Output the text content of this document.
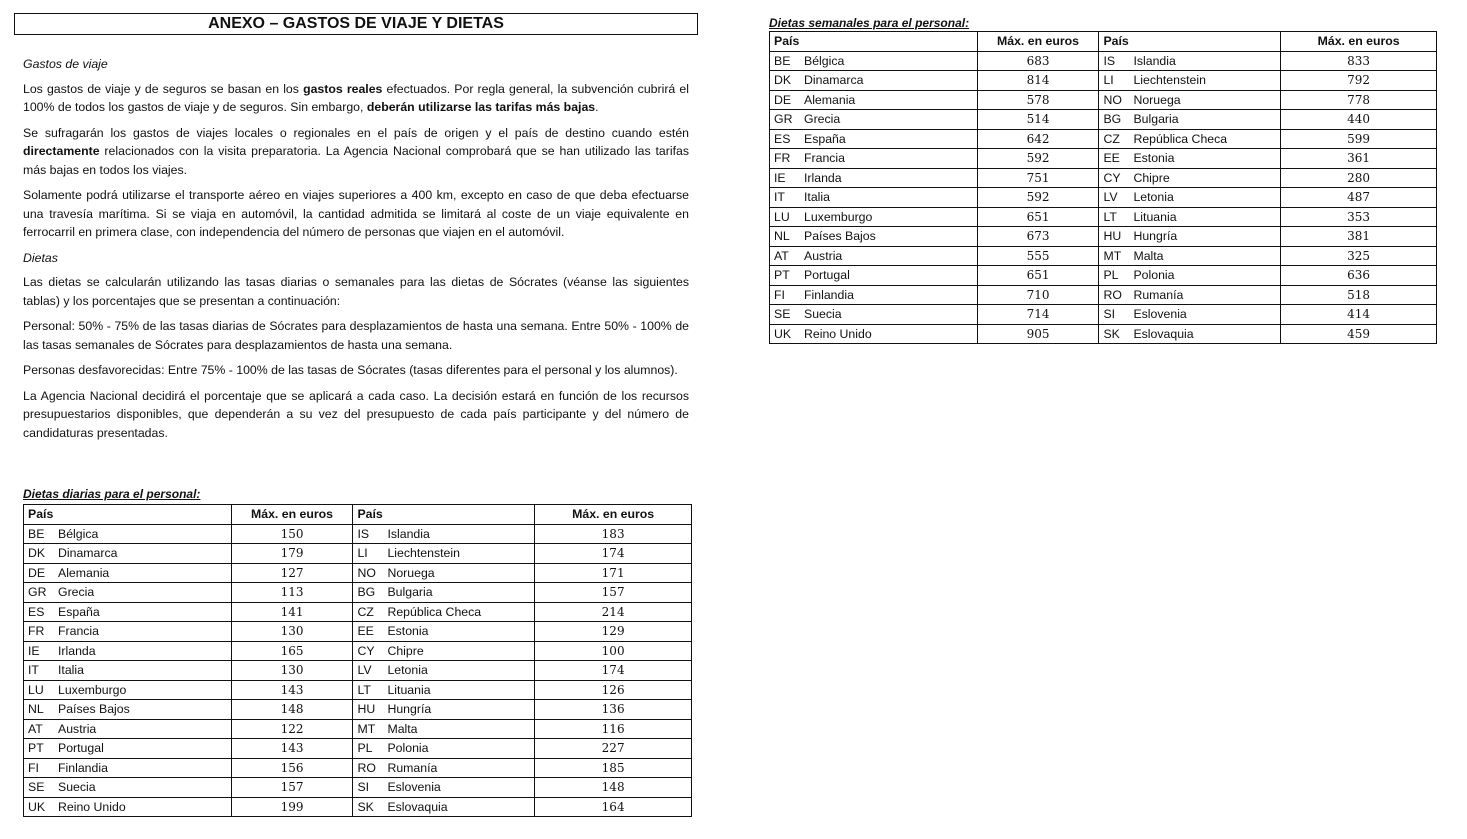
ANEXO – GASTOS DE VIAJE Y DIETAS

Gastos de viaje

Los gastos de viaje y de seguros se basan en los gastos reales efectuados. Por regla general, la subvención cubrirá el 100% de todos los gastos de viaje y de seguros. Sin embargo, deberán utilizarse las tarifas más bajas.

Se sufragarán los gastos de viajes locales o regionales en el país de origen y el país de destino cuando estén directamente relacionados con la visita preparatoria. La Agencia Nacional comprobará que se han utilizado las tarifas más bajas en todos los viajes.

Solamente podrá utilizarse el transporte aéreo en viajes superiores a 400 km, excepto en caso de que deba efectuarse una travesía marítima. Si se viaja en automóvil, la cantidad admitida se limitará al coste de un viaje equivalente en ferrocarril en primera clase, con independencia del número de personas que viajen en el automóvil.

Dietas

Las dietas se calcularán utilizando las tasas diarias o semanales para las dietas de Sócrates (véanse las siguientes tablas) y los porcentajes que se presentan a continuación:

Personal: 50% - 75% de las tasas diarias de Sócrates para desplazamientos de hasta una semana. Entre 50% - 100% de las tasas semanales de Sócrates para desplazamientos de hasta una semana.

Personas desfavorecidas: Entre 75% - 100% de las tasas de Sócrates (tasas diferentes para el personal y los alumnos).

La Agencia Nacional decidirá el porcentaje que se aplicará a cada caso. La decisión estará en función de los recursos presupuestarios disponibles, que dependerán a su vez del presupuesto de cada país participante y del número de candidaturas presentadas.

Dietas diarias para el personal:
País	Máx. en euros	País	Máx. en euros
BE Bélgica	150	IS Islandia	183
DK Dinamarca	179	LI Liechtenstein	174
DE Alemania	127	NO Noruega	171
GR Grecia	113	BG Bulgaria	157
ES España	141	CZ República Checa	214
FR Francia	130	EE Estonia	129
IE Irlanda	165	CY Chipre	100
IT Italia	130	LV Letonia	174
LU Luxemburgo	143	LT Lituania	126
NL Países Bajos	148	HU Hungría	136
AT Austria	122	MT Malta	116
PT Portugal	143	PL Polonia	227
FI Finlandia	156	RO Rumanía	185
SE Suecia	157	SI Eslovenia	148
UK Reino Unido	199	SK Eslovaquia	164
Dietas semanales para el personal:
País	Máx. en euros	País	Máx. en euros
BE Bélgica	683	IS Islandia	833
DK Dinamarca	814	LI Liechtenstein	792
DE Alemania	578	NO Noruega	778
GR Grecia	514	BG Bulgaria	440
ES España	642	CZ República Checa	599
FR Francia	592	EE Estonia	361
IE Irlanda	751	CY Chipre	280
IT Italia	592	LV Letonia	487
LU Luxemburgo	651	LT Lituania	353
NL Países Bajos	673	HU Hungría	381
AT Austria	555	MT Malta	325
PT Portugal	651	PL Polonia	636
FI Finlandia	710	RO Rumanía	518
SE Suecia	714	SI Eslovenia	414
UK Reino Unido	905	SK Eslovaquia	459
